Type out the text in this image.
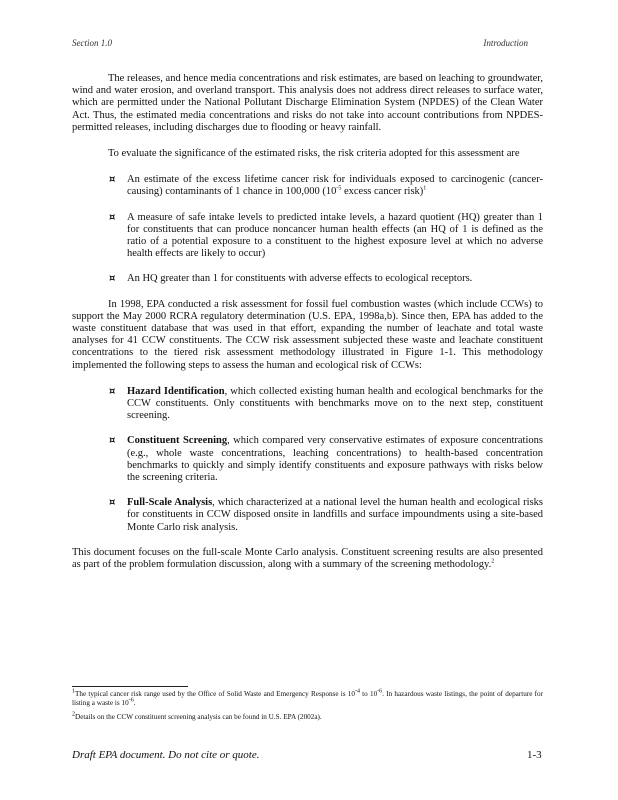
Section 1.0	Introduction

The releases, and hence media concentrations and risk estimates, are based on leaching to groundwater, wind and water erosion, and overland transport. This analysis does not address direct releases to surface water, which are permitted under the National Pollutant Discharge Elimination System (NPDES) of the Clean Water Act. Thus, the estimated media concentrations and risks do not take into account contributions from NPDES-permitted releases, including discharges due to flooding or heavy rainfall.

To evaluate the significance of the estimated risks, the risk criteria adopted for this assessment are

¤ An estimate of the excess lifetime cancer risk for individuals exposed to carcinogenic (cancer-causing) contaminants of 1 chance in 100,000 ($10^{-5}$ excess cancer risk)$^1$
¤ A measure of safe intake levels to predicted intake levels, a hazard quotient (HQ) greater than 1 for constituents that can produce noncancer human health effects (an HQ of 1 is defined as the ratio of a potential exposure to a constituent to the highest exposure level at which no adverse health effects are likely to occur)
¤ An HQ greater than 1 for constituents with adverse effects to ecological receptors.

In 1998, EPA conducted a risk assessment for fossil fuel combustion wastes (which include CCWs) to support the May 2000 RCRA regulatory determination (U.S. EPA, 1998a,b). Since then, EPA has added to the waste constituent database that was used in that effort, expanding the number of leachate and total waste analyses for 41 CCW constituents. The CCW risk assessment subjected these waste and leachate constituent concentrations to the tiered risk assessment methodology illustrated in Figure 1-1. This methodology implemented the following steps to assess the human and ecological risk of CCWs:

¤ Hazard Identification, which collected existing human health and ecological benchmarks for the CCW constituents. Only constituents with benchmarks move on to the next step, constituent screening.
¤ Constituent Screening, which compared very conservative estimates of exposure concentrations (e.g., whole waste concentrations, leaching concentrations) to health-based concentration benchmarks to quickly and simply identify constituents and exposure pathways with risks below the screening criteria.
¤ Full-Scale Analysis, which characterized at a national level the human health and ecological risks for constituents in CCW disposed onsite in landfills and surface impoundments using a site-based Monte Carlo risk analysis.

This document focuses on the full-scale Monte Carlo analysis. Constituent screening results are also presented as part of the problem formulation discussion, along with a summary of the screening methodology.$^2$

$^1$The typical cancer risk range used by the Office of Solid Waste and Emergency Response is $10^{-4}$ to $10^{-6}$. In hazardous waste listings, the point of departure for listing a waste is $10^{-6}$.
$^2$Details on the CCW constituent screening analysis can be found in U.S. EPA (2002a).
Draft EPA document. Do not cite or quote.	1-3
